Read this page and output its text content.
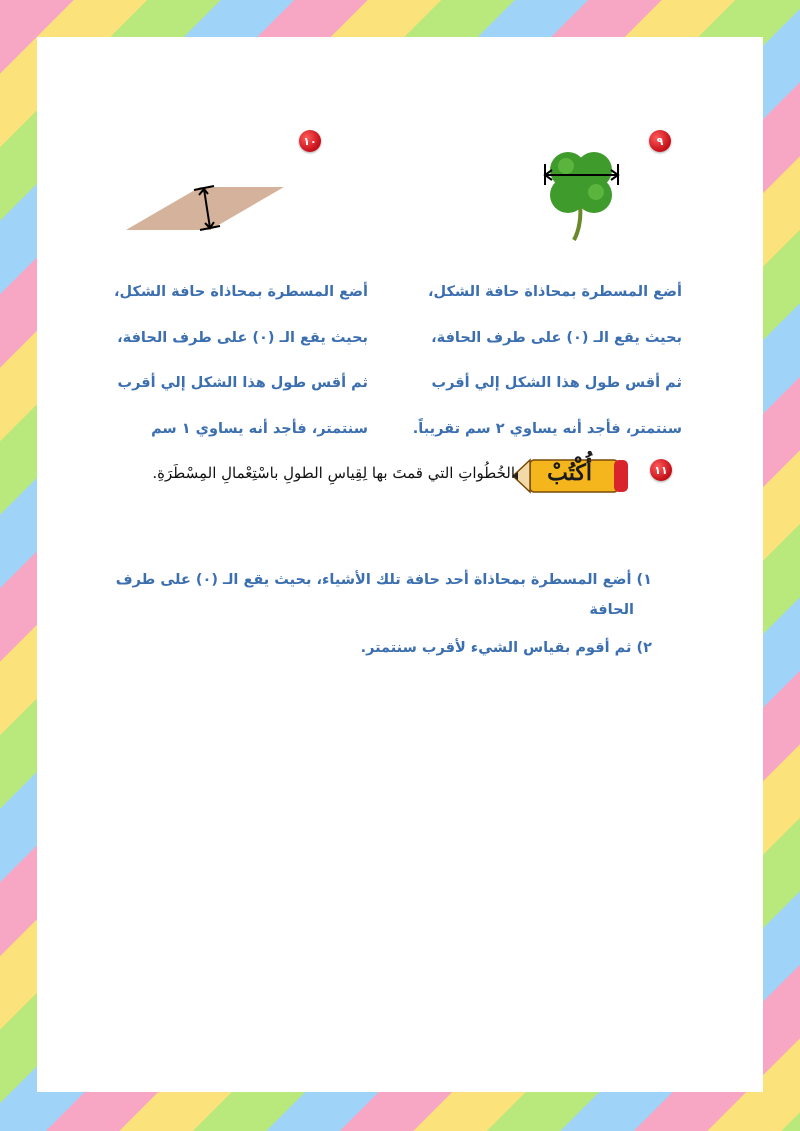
٩
١٠
أضع المسطرة بمحاذاة حافة الشكل،
بحيث يقع الـ (٠) على طرف الحافة،
ثم أقس طول هذا الشكل إلي أقرب
سنتمتر، فأجد أنه يساوي ٢ سم تقريباً.
أضع المسطرة بمحاذاة حافة الشكل،
بحيث يقع الـ (٠) على طرف الحافة،
ثم أقس طول هذا الشكل إلي أقرب
سنتمتر، فأجد أنه يساوي ١ سم
١١
أُكْتُبْ
الخُطُواتِ التي قمتَ بها لِقِياسِ الطولِ باسْتِعْمالِ المِسْطَرَةِ.
١) أضع المسطرة بمحاذاة أحد حافة تلك الأشياء، بحيث يقع الـ (٠) على طرف
الحافة
٢) ثم أقوم بقياس الشيء لأقرب سنتمتر.
